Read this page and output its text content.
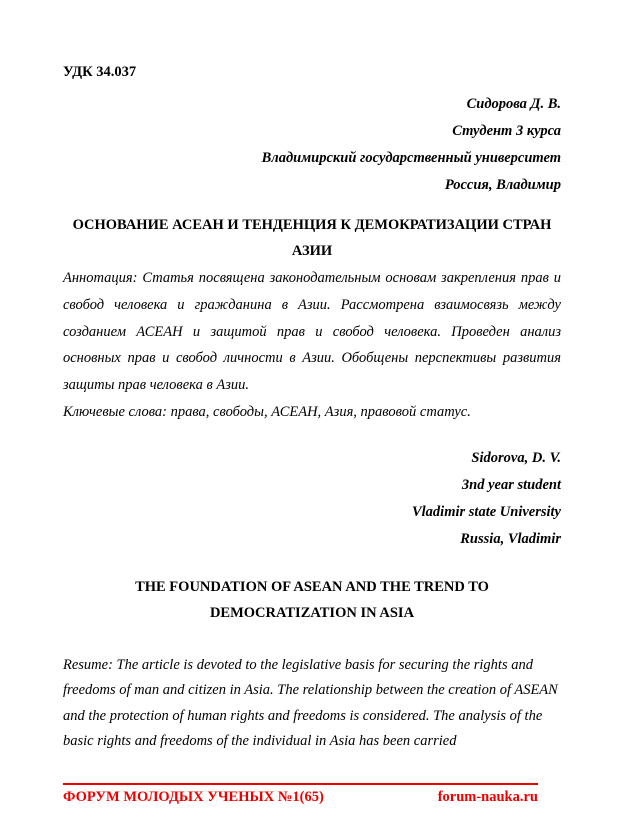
УДК 34.037
Сидорова Д. В.
Студент 3 курса
Владимирский государственный университет
Россия, Владимир
ОСНОВАНИЕ АСЕАН И ТЕНДЕНЦИЯ К ДЕМОКРАТИЗАЦИИ СТРАН
АЗИИ
Аннотация: Статья посвящена законодательным основам закрепления прав и свобод человека и гражданина в Азии. Рассмотрена взаимосвязь между созданием АСЕАН и защитой прав и свобод человека. Проведен анализ основных прав и свобод личности в Азии. Обобщены перспективы развития защиты прав человека в Азии.
Ключевые слова: права, свободы, АСЕАН, Азия, правовой статус.
Sidorova, D. V.
3nd year student
Vladimir state University
Russia, Vladimir
THE FOUNDATION OF ASEAN AND THE TREND TO
DEMOCRATIZATION IN ASIA
Resume: The article is devoted to the legislative basis for securing the rights and freedoms of man and citizen in Asia. The relationship between the creation of ASEAN and the protection of human rights and freedoms is considered. The analysis of the basic rights and freedoms of the individual in Asia has been carried
ФОРУМ МОЛОДЫХ УЧЕНЫХ №1(65)	forum-nauka.ru
